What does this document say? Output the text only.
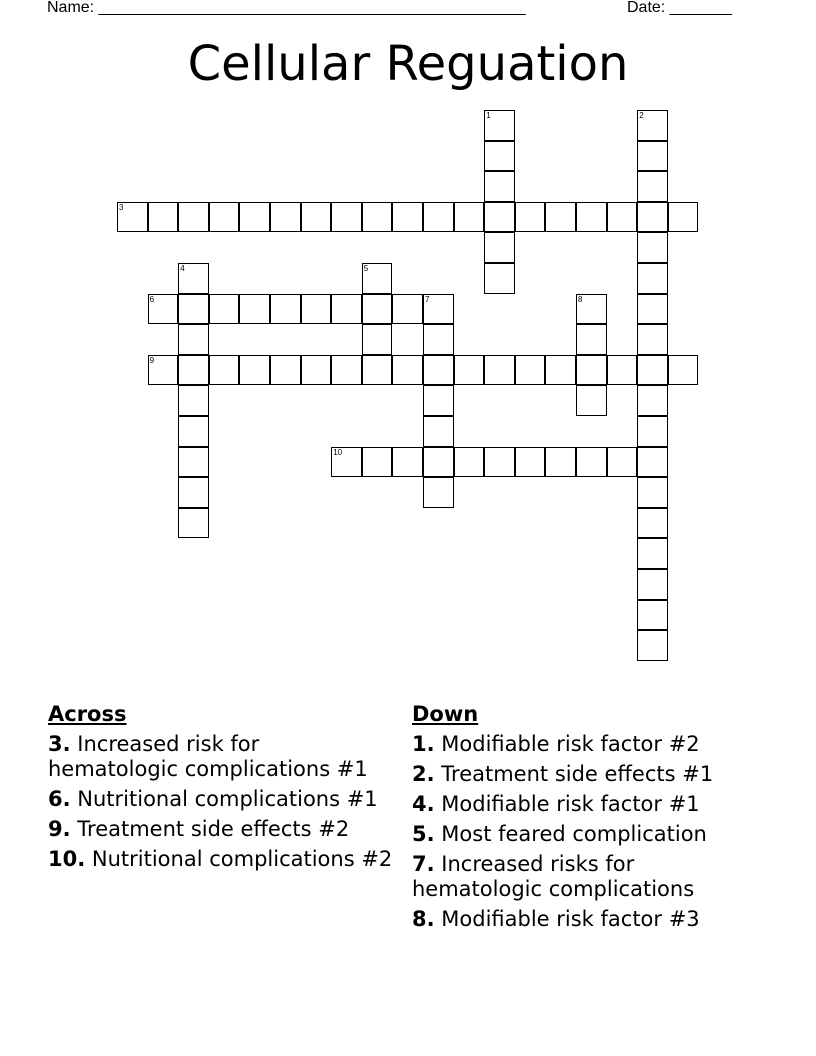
Name: ________________________________________________	Date: _______
Cellular Reguation
1	2
3
4	5
6	7	8
9
10
Across
3. Increased risk for hematologic complications #1
6. Nutritional complications #1
9. Treatment side effects #2
10. Nutritional complications #2
Down
1. Modifiable risk factor #2
2. Treatment side effects #1
4. Modifiable risk factor #1
5. Most feared complication
7. Increased risks for hematologic complications
8. Modifiable risk factor #3
